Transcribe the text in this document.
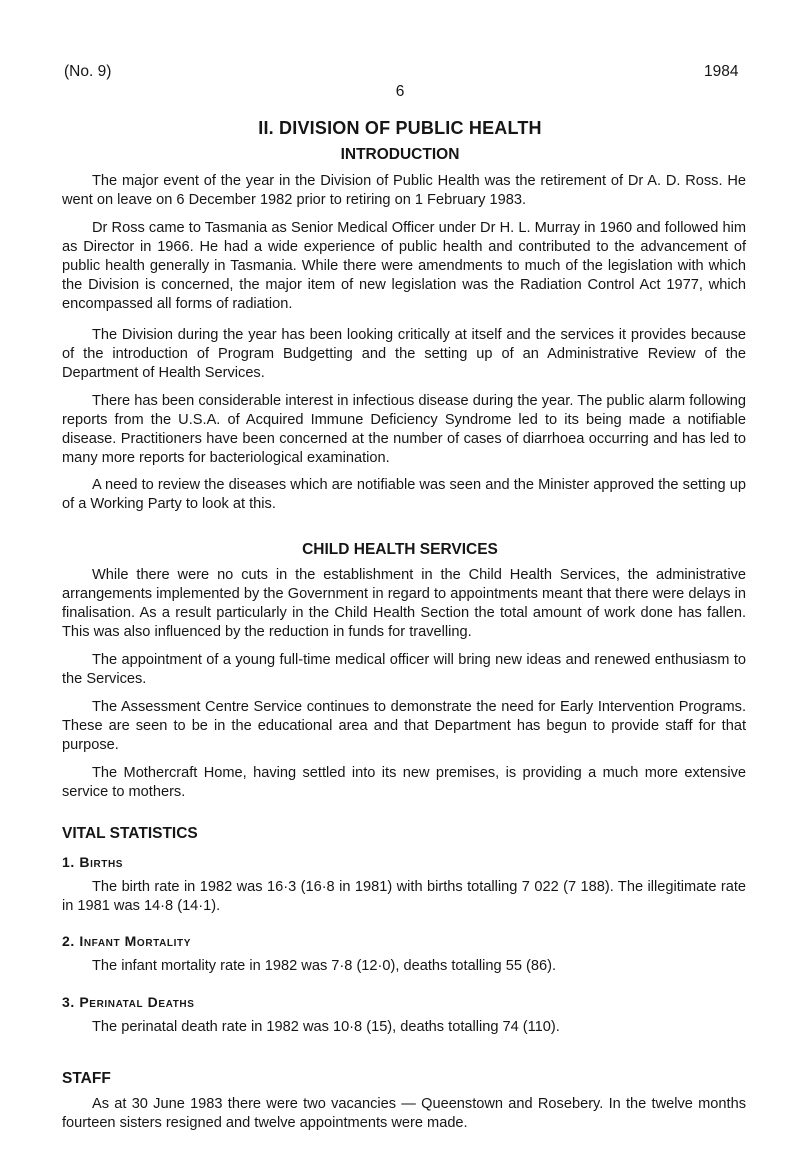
(No. 9)	1984
6
II. DIVISION OF PUBLIC HEALTH
INTRODUCTION
The major event of the year in the Division of Public Health was the retirement of Dr A. D. Ross. He went on leave on 6 December 1982 prior to retiring on 1 February 1983.
Dr Ross came to Tasmania as Senior Medical Officer under Dr H. L. Murray in 1960 and followed him as Director in 1966. He had a wide experience of public health and contributed to the advancement of public health generally in Tasmania. While there were amendments to much of the legislation with which the Division is concerned, the major item of new legislation was the Radiation Control Act 1977, which encompassed all forms of radiation.
The Division during the year has been looking critically at itself and the services it provides because of the introduction of Program Budgetting and the setting up of an Administrative Review of the Department of Health Services.
There has been considerable interest in infectious disease during the year. The public alarm following reports from the U.S.A. of Acquired Immune Deficiency Syndrome led to its being made a notifiable disease. Practitioners have been concerned at the number of cases of diarrhoea occurring and has led to many more reports for bacteriological examination.
A need to review the diseases which are notifiable was seen and the Minister approved the setting up of a Working Party to look at this.
CHILD HEALTH SERVICES
While there were no cuts in the establishment in the Child Health Services, the administrative arrangements implemented by the Government in regard to appointments meant that there were delays in finalisation. As a result particularly in the Child Health Section the total amount of work done has fallen. This was also influenced by the reduction in funds for travelling.
The appointment of a young full-time medical officer will bring new ideas and renewed enthusiasm to the Services.
The Assessment Centre Service continues to demonstrate the need for Early Intervention Programs. These are seen to be in the educational area and that Department has begun to provide staff for that purpose.
The Mothercraft Home, having settled into its new premises, is providing a much more extensive service to mothers.
VITAL STATISTICS
1. Births
The birth rate in 1982 was 16·3 (16·8 in 1981) with births totalling 7 022 (7 188). The illegitimate rate in 1981 was 14·8 (14·1).
2. Infant Mortality
The infant mortality rate in 1982 was 7·8 (12·0), deaths totalling 55 (86).
3. Perinatal Deaths
The perinatal death rate in 1982 was 10·8 (15), deaths totalling 74 (110).
STAFF
As at 30 June 1983 there were two vacancies — Queenstown and Rosebery. In the twelve months fourteen sisters resigned and twelve appointments were made.
